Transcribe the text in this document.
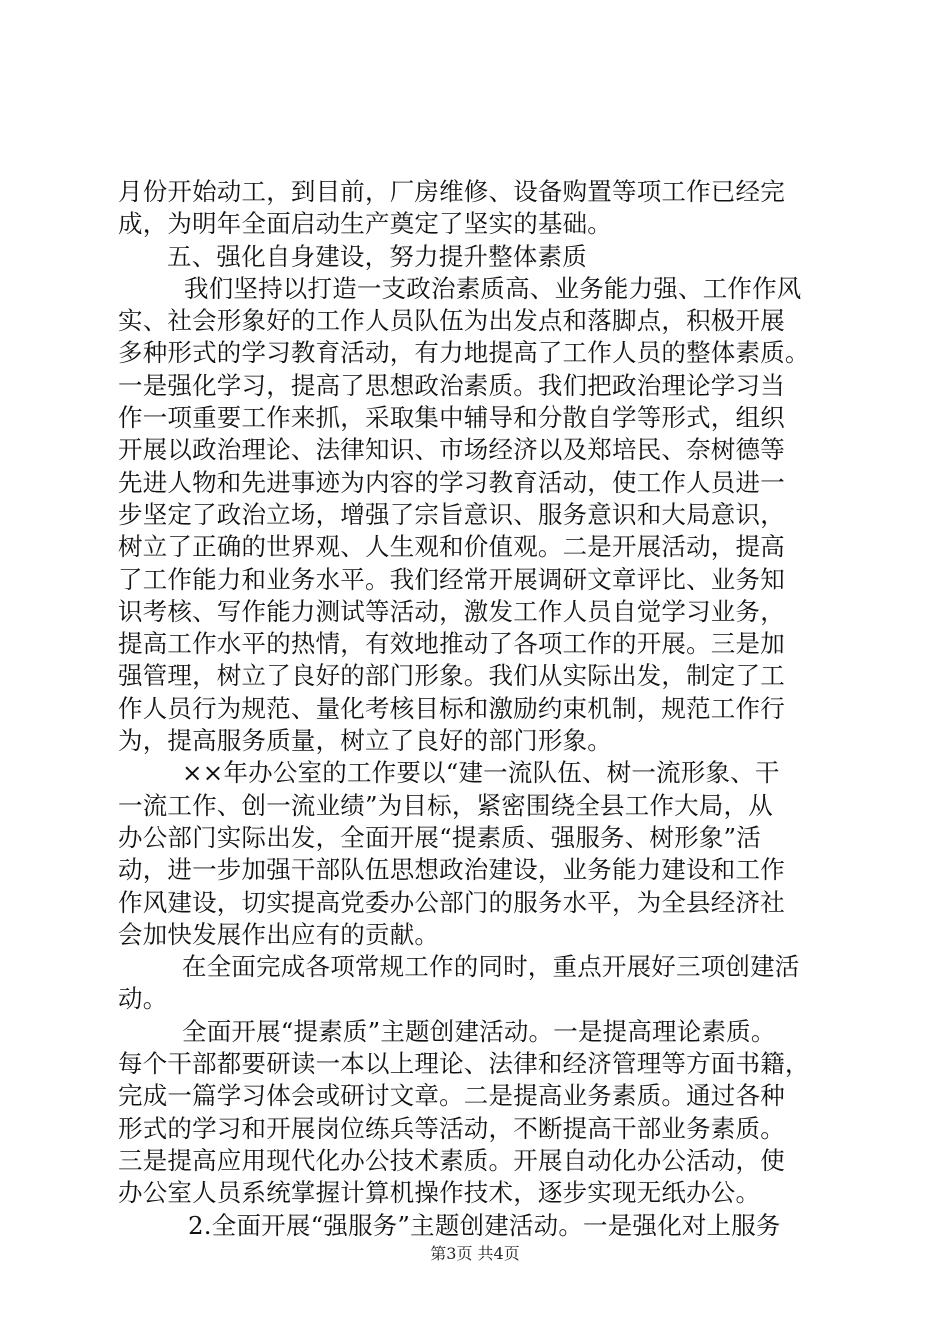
月份开始动工，到目前，厂房维修、设备购置等项工作已经完
成，为明年全面启动生产奠定了坚实的基础。
五、强化自身建设，努力提升整体素质
我们坚持以打造一支政治素质高、业务能力强、工作作风
实、社会形象好的工作人员队伍为出发点和落脚点，积极开展
多种形式的学习教育活动，有力地提高了工作人员的整体素质。
一是强化学习，提高了思想政治素质。我们把政治理论学习当
作一项重要工作来抓，采取集中辅导和分散自学等形式，组织
开展以政治理论、法律知识、市场经济以及郑培民、奈树德等
先进人物和先进事迹为内容的学习教育活动，使工作人员进一
步坚定了政治立场，增强了宗旨意识、服务意识和大局意识，
树立了正确的世界观、人生观和价值观。二是开展活动，提高
了工作能力和业务水平。我们经常开展调研文章评比、业务知
识考核、写作能力测试等活动，激发工作人员自觉学习业务，
提高工作水平的热情，有效地推动了各项工作的开展。三是加
强管理，树立了良好的部门形象。我们从实际出发，制定了工
作人员行为规范、量化考核目标和激励约束机制，规范工作行
为，提高服务质量，树立了良好的部门形象。
××年办公室的工作要以“建一流队伍、树一流形象、干
一流工作、创一流业绩”为目标，紧密围绕全县工作大局，从
办公部门实际出发，全面开展“提素质、强服务、树形象”活
动，进一步加强干部队伍思想政治建设，业务能力建设和工作
作风建设，切实提高党委办公部门的服务水平，为全县经济社
会加快发展作出应有的贡献。
在全面完成各项常规工作的同时，重点开展好三项创建活
动。
全面开展“提素质”主题创建活动。一是提高理论素质。
每个干部都要研读一本以上理论、法律和经济管理等方面书籍，
完成一篇学习体会或研讨文章。二是提高业务素质。通过各种
形式的学习和开展岗位练兵等活动，不断提高干部业务素质。
三是提高应用现代化办公技术素质。开展自动化办公活动，使
办公室人员系统掌握计算机操作技术，逐步实现无纸办公。
2.全面开展“强服务”主题创建活动。一是强化对上服务
第3页 共4页
